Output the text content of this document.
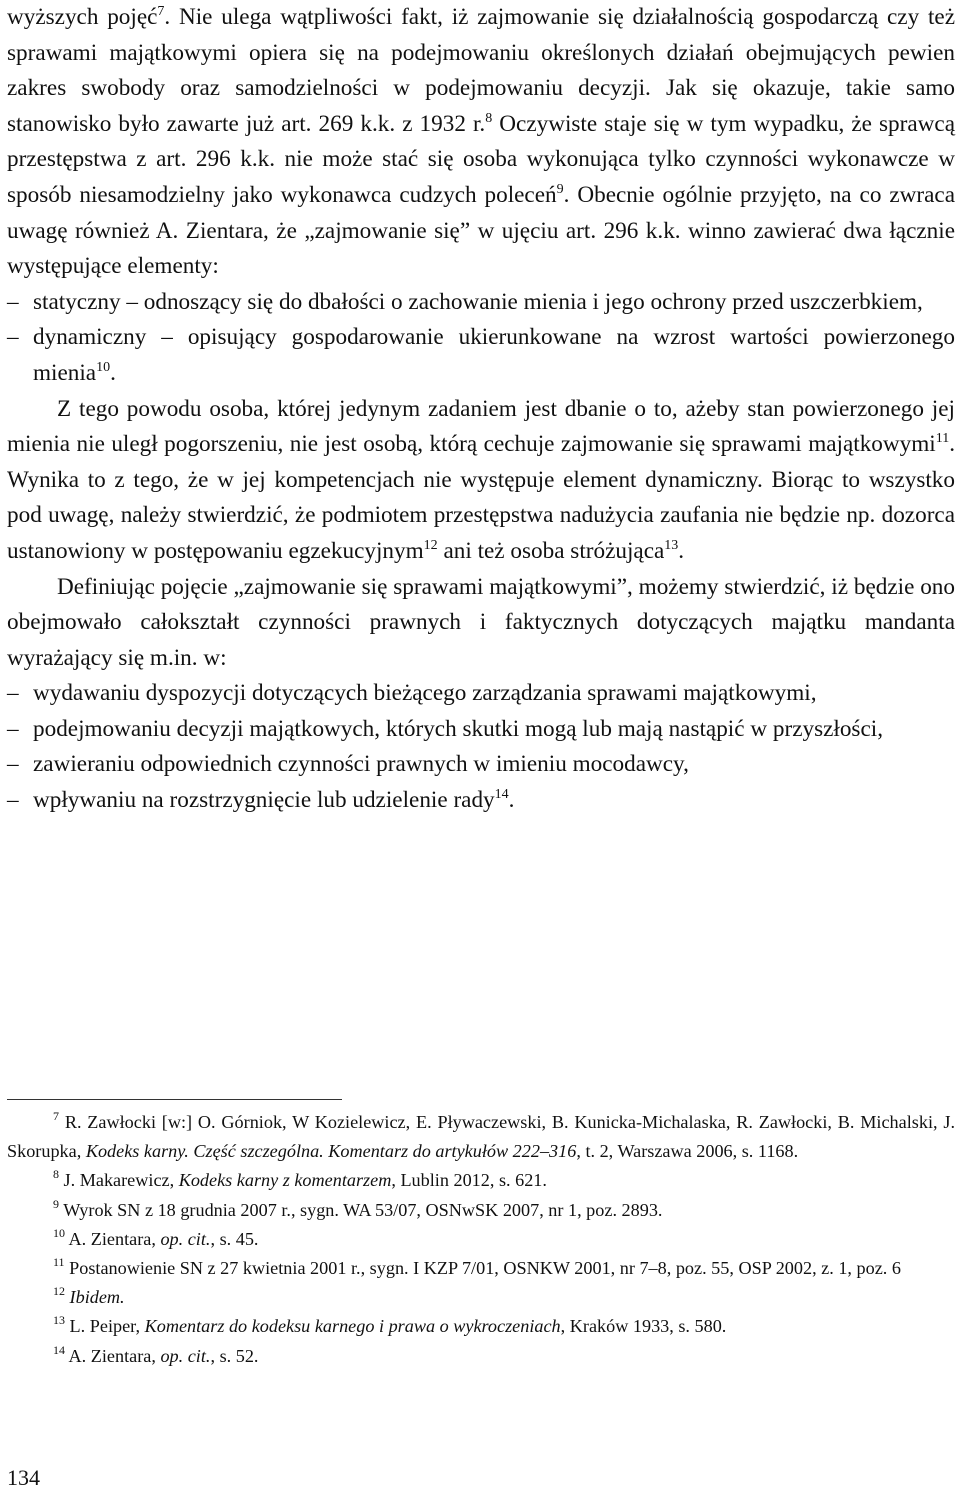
wyższych pojęć$^7$. Nie ulega wątpliwości fakt, iż zajmowanie się działalnością gospodarczą czy też sprawami majątkowymi opiera się na podejmowaniu określonych działań obejmujących pewien zakres swobody oraz samodzielności w podejmowaniu decyzji. Jak się okazuje, takie samo stanowisko było zawarte już art. 269 k.k. z 1932 r.$^8$ Oczywiste staje się w tym wypadku, że sprawcą przestępstwa z art. 296 k.k. nie może stać się osoba wykonująca tylko czynności wykonawcze w sposób niesamodzielny jako wykonawca cudzych poleceń$^9$. Obecnie ogólnie przyjęto, na co zwraca uwagę również A. Zientara, że „zajmowanie się” w ujęciu art. 296 k.k. winno zawierać dwa łącznie występujące elementy:

– statyczny – odnoszący się do dbałości o zachowanie mienia i jego ochrony przed uszczerbkiem,

– dynamiczny – opisujący gospodarowanie ukierunkowane na wzrost wartości powierzonego mienia$^{10}$.

Z tego powodu osoba, której jedynym zadaniem jest dbanie o to, ażeby stan powierzonego jej mienia nie uległ pogorszeniu, nie jest osobą, którą cechuje zajmowanie się sprawami majątkowymi$^{11}$. Wynika to z tego, że w jej kompetencjach nie występuje element dynamiczny. Biorąc to wszystko pod uwagę, należy stwierdzić, że podmiotem przestępstwa nadużycia zaufania nie będzie np. dozorca ustanowiony w postępowaniu egzekucyjnym$^{12}$ ani też osoba stróżująca$^{13}$.

Definiując pojęcie „zajmowanie się sprawami majątkowymi”, możemy stwierdzić, iż będzie ono obejmowało całokształt czynności prawnych i faktycznych dotyczących majątku mandanta wyrażający się m.in. w:

– wydawaniu dyspozycji dotyczących bieżącego zarządzania sprawami majątkowymi,

– podejmowaniu decyzji majątkowych, których skutki mogą lub mają nastąpić w przyszłości,

– zawieraniu odpowiednich czynności prawnych w imieniu mocodawcy,

– wpływaniu na rozstrzygnięcie lub udzielenie rady$^{14}$.

$^7$ R. Zawłocki [w:] O. Górniok, W Kozielewicz, E. Pływaczewski, B. Kunicka-Michalaska, R. Zawłocki, B. Michalski, J. Skorupka, Kodeks karny. Część szczególna. Komentarz do artykułów 222–316, t. 2, Warszawa 2006, s. 1168.

$^8$ J. Makarewicz, Kodeks karny z komentarzem, Lublin 2012, s. 621.

$^9$ Wyrok SN z 18 grudnia 2007 r., sygn. WA 53/07, OSNwSK 2007, nr 1, poz. 2893.

$^{10}$ A. Zientara, op. cit., s. 45.

$^{11}$ Postanowienie SN z 27 kwietnia 2001 r., sygn. I KZP 7/01, OSNKW 2001, nr 7–8, poz. 55, OSP 2002, z. 1, poz. 6

$^{12}$ Ibidem.

$^{13}$ L. Peiper, Komentarz do kodeksu karnego i prawa o wykroczeniach, Kraków 1933, s. 580.

$^{14}$ A. Zientara, op. cit., s. 52.

134
